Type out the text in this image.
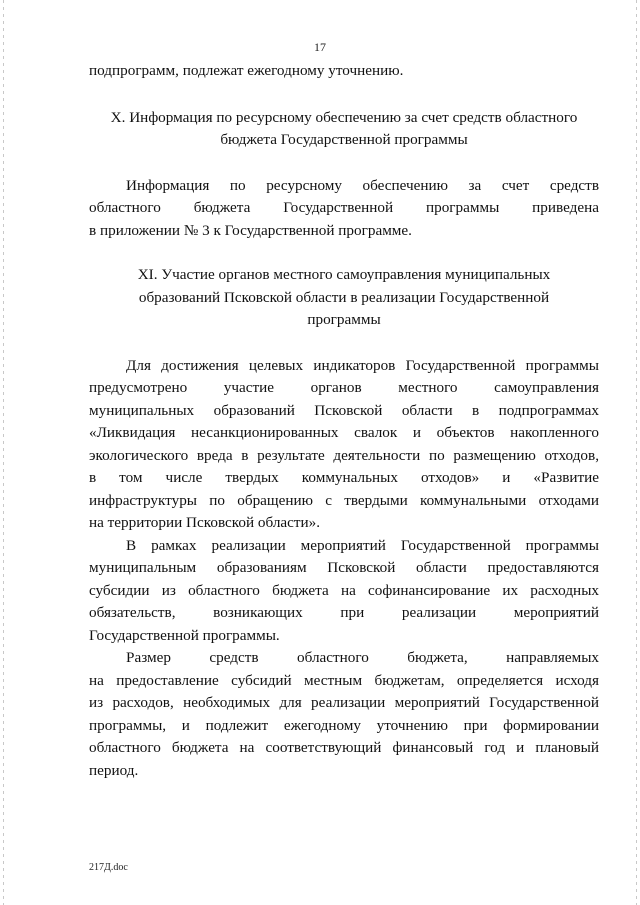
17

подпрограмм, подлежат ежегодному уточнению.

X. Информация по ресурсному обеспечению за счет средств областного
бюджета Государственной программы
Информация по ресурсному обеспечению за счет средств
областного бюджета Государственной программы приведена
в приложении № 3 к Государственной программе.
XI. Участие органов местного самоуправления муниципальных
образований Псковской области в реализации Государственной
программы
Для достижения целевых индикаторов Государственной программы
предусмотрено участие органов местного самоуправления
муниципальных образований Псковской области в подпрограммах
«Ликвидация несанкционированных свалок и объектов накопленного
экологического вреда в результате деятельности по размещению отходов,
в том числе твердых коммунальных отходов» и «Развитие
инфраструктуры по обращению с твердыми коммунальными отходами
на территории Псковской области».
В рамках реализации мероприятий Государственной программы
муниципальным образованиям Псковской области предоставляются
субсидии из областного бюджета на софинансирование их расходных
обязательств, возникающих при реализации мероприятий
Государственной программы.
Размер средств областного бюджета, направляемых
на предоставление субсидий местным бюджетам, определяется исходя
из расходов, необходимых для реализации мероприятий Государственной
программы, и подлежит ежегодному уточнению при формировании
областного бюджета на соответствующий финансовый год и плановый
период.
217Д.doc
